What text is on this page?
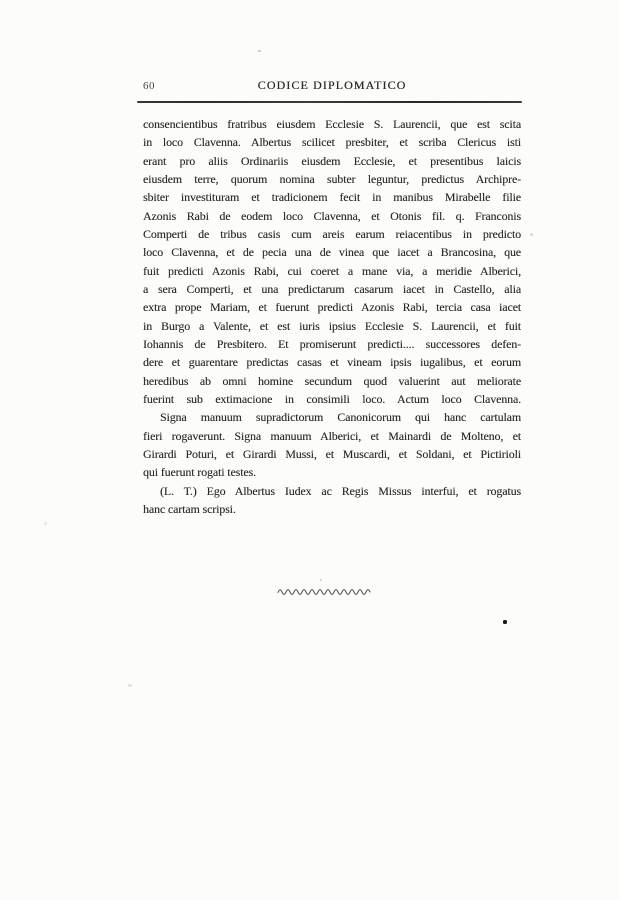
60	CODICE DIPLOMATICO
consencientibus fratribus eiusdem Ecclesie S. Laurencii, que est scita
in loco Clavenna. Albertus scilicet presbiter, et scriba Clericus isti
erant pro aliis Ordinariis eiusdem Ecclesie, et presentibus laicis
eiusdem terre, quorum nomina subter leguntur, predictus Archipre-
sbiter investituram et tradicionem fecit in manibus Mirabelle filie
Azonis Rabi de eodem loco Clavenna, et Otonis fil. q. Franconis
Comperti de tribus casis cum areis earum reiacentibus in predicto
loco Clavenna, et de pecia una de vinea que iacet a Brancosina, que
fuit predicti Azonis Rabi, cui coeret a mane via, a meridie Alberici,
a sera Comperti, et una predictarum casarum iacet in Castello, alia
extra prope Mariam, et fuerunt predicti Azonis Rabi, tercia casa iacet
in Burgo a Valente, et est iuris ipsius Ecclesie S. Laurencii, et fuit
Iohannis de Presbitero. Et promiserunt predicti.... successores defen-
dere et guarentare predictas casas et vineam ipsis iugalibus, et eorum
heredibus ab omni homine secundum quod valuerint aut meliorate
fuerint sub extimacione in consimili loco. Actum loco Clavenna.
Signa manuum supradictorum Canonicorum qui hanc cartulam
fieri rogaverunt. Signa manuum Alberici, et Mainardi de Molteno, et
Girardi Poturi, et Girardi Mussi, et Muscardi, et Soldani, et Pictirioli
qui fuerunt rogati testes.
(L. T.) Ego Albertus Iudex ac Regis Missus interfui, et rogatus
hanc cartam scripsi.
